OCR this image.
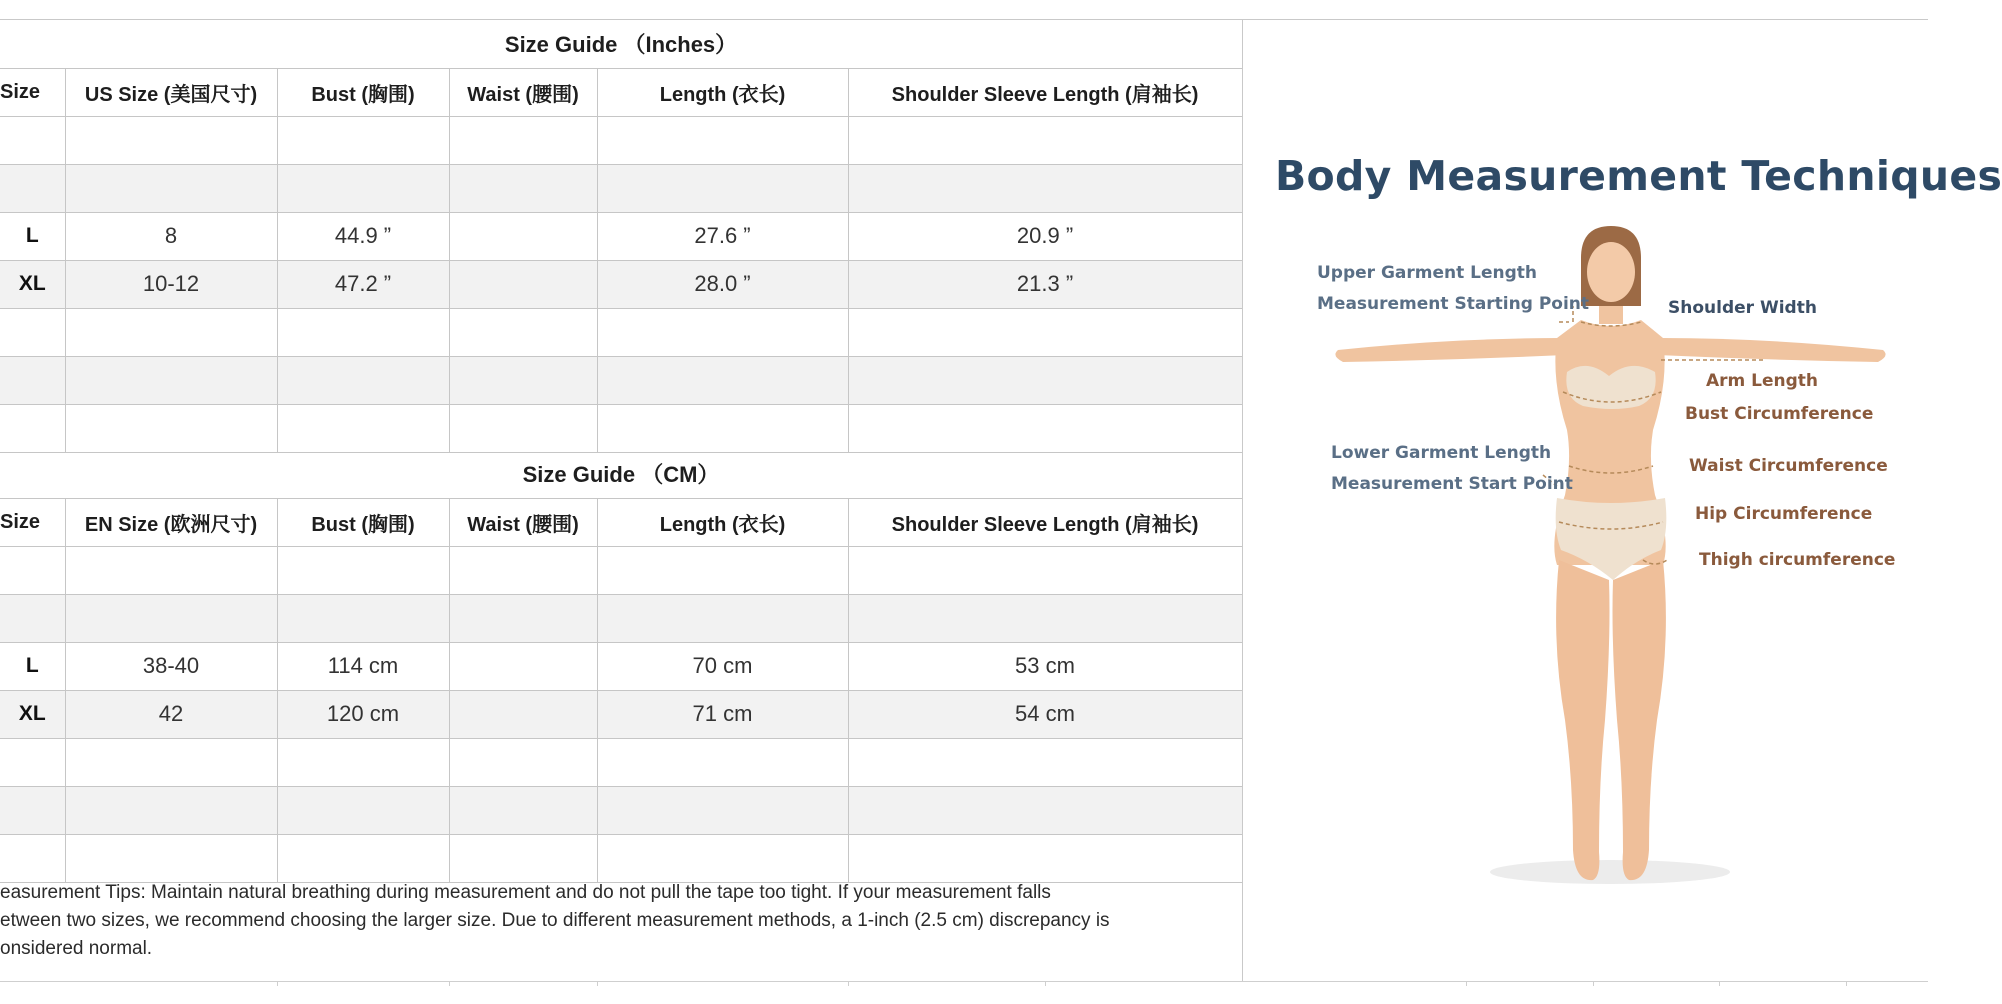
Size Guide （Inches）					
Size	US Size (美国尺寸)	Bust (胸围)	Waist (腰围)	Length (衣长)	Shoulder Sleeve Length (肩袖长)

L	8	44.9 ”		27.6 ”	20.9 ”
XL	10-12	47.2 ”		28.0 ”	21.3 ”

Size Guide （CM）					
Size	EN Size (欧洲尺寸)	Bust (胸围)	Waist (腰围)	Length (衣长)	Shoulder Sleeve Length (肩袖长)

L	38-40	114 cm		70 cm	53 cm
XL	42	120 cm		71 cm	54 cm

easurement Tips: Maintain natural breathing during measurement and do not pull the tape too tight. If your measurement falls
etween two sizes, we recommend choosing the larger size. Due to different measurement methods, a 1-inch (2.5 cm) discrepancy is
onsidered normal.
Body Measurement Techniques
Upper Garment Length
Measurement Starting Point	Shoulder Width
Arm Length
Bust Circumference
Lower Garment Length
Measurement Start Point
Waist Circumference
Hip Circumference
Thigh circumference
